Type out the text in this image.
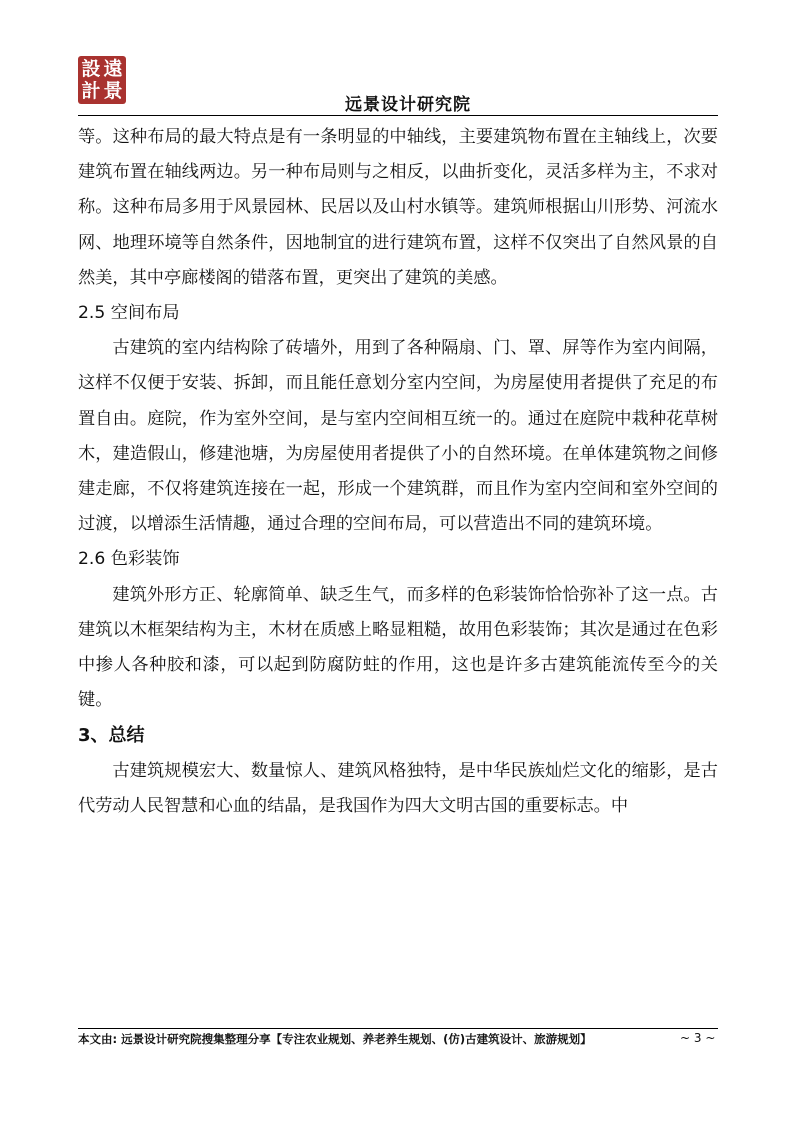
設 遠
計 景
远景设计研究院

等。这种布局的最大特点是有一条明显的中轴线，主要建筑物布置在主轴线上，次要建筑布置在轴线两边。另一种布局则与之相反，以曲折变化，灵活多样为主，不求对称。这种布局多用于风景园林、民居以及山村水镇等。建筑师根据山川形势、河流水网、地理环境等自然条件，因地制宜的进行建筑布置，这样不仅突出了自然风景的自然美，其中亭廊楼阁的错落布置，更突出了建筑的美感。

2.5 空间布局

古建筑的室内结构除了砖墙外，用到了各种隔扇、门、罩、屏等作为室内间隔，这样不仅便于安装、拆卸，而且能任意划分室内空间，为房屋使用者提供了充足的布置自由。庭院，作为室外空间，是与室内空间相互统一的。通过在庭院中栽种花草树木，建造假山，修建池塘，为房屋使用者提供了小的自然环境。在单体建筑物之间修建走廊，不仅将建筑连接在一起，形成一个建筑群，而且作为室内空间和室外空间的过渡，以增添生活情趣，通过合理的空间布局，可以营造出不同的建筑环境。

2.6 色彩装饰

建筑外形方正、轮廓简单、缺乏生气，而多样的色彩装饰恰恰弥补了这一点。古建筑以木框架结构为主，木材在质感上略显粗糙，故用色彩装饰；其次是通过在色彩中掺人各种胶和漆，可以起到防腐防蛀的作用，这也是许多古建筑能流传至今的关键。

3、总结

古建筑规模宏大、数量惊人、建筑风格独特，是中华民族灿烂文化的缩影，是古代劳动人民智慧和心血的结晶，是我国作为四大文明古国的重要标志。中

本文由: 远景设计研究院搜集整理分享【专注农业规划、养老养生规划、(仿)古建筑设计、旅游规划】	~ 3 ~
